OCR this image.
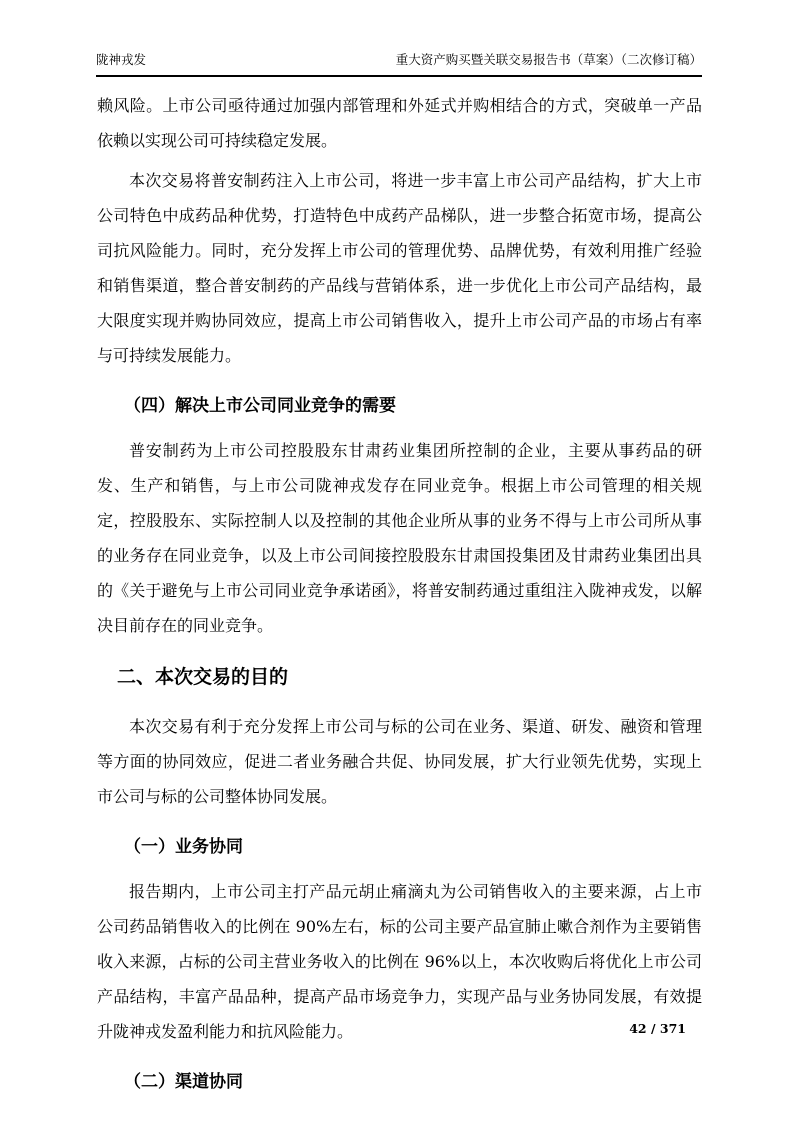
陇神戎发	重大资产购买暨关联交易报告书（草案）（二次修订稿）
赖风险。上市公司亟待通过加强内部管理和外延式并购相结合的方式，突破单一产品依赖以实现公司可持续稳定发展。
本次交易将普安制药注入上市公司，将进一步丰富上市公司产品结构，扩大上市公司特色中成药品种优势，打造特色中成药产品梯队，进一步整合拓宽市场，提高公司抗风险能力。同时，充分发挥上市公司的管理优势、品牌优势，有效利用推广经验和销售渠道，整合普安制药的产品线与营销体系，进一步优化上市公司产品结构，最大限度实现并购协同效应，提高上市公司销售收入，提升上市公司产品的市场占有率与可持续发展能力。
（四）解决上市公司同业竞争的需要
普安制药为上市公司控股股东甘肃药业集团所控制的企业，主要从事药品的研发、生产和销售，与上市公司陇神戎发存在同业竞争。根据上市公司管理的相关规定，控股股东、实际控制人以及控制的其他企业所从事的业务不得与上市公司所从事的业务存在同业竞争，以及上市公司间接控股股东甘肃国投集团及甘肃药业集团出具的《关于避免与上市公司同业竞争承诺函》，将普安制药通过重组注入陇神戎发，以解决目前存在的同业竞争。
二、本次交易的目的
本次交易有利于充分发挥上市公司与标的公司在业务、渠道、研发、融资和管理等方面的协同效应，促进二者业务融合共促、协同发展，扩大行业领先优势，实现上市公司与标的公司整体协同发展。
（一）业务协同
报告期内，上市公司主打产品元胡止痛滴丸为公司销售收入的主要来源，占上市公司药品销售收入的比例在 90%左右，标的公司主要产品宣肺止嗽合剂作为主要销售收入来源，占标的公司主营业务收入的比例在 96%以上，本次收购后将优化上市公司产品结构，丰富产品品种，提高产品市场竞争力，实现产品与业务协同发展，有效提升陇神戎发盈利能力和抗风险能力。
（二）渠道协同
42 / 371
